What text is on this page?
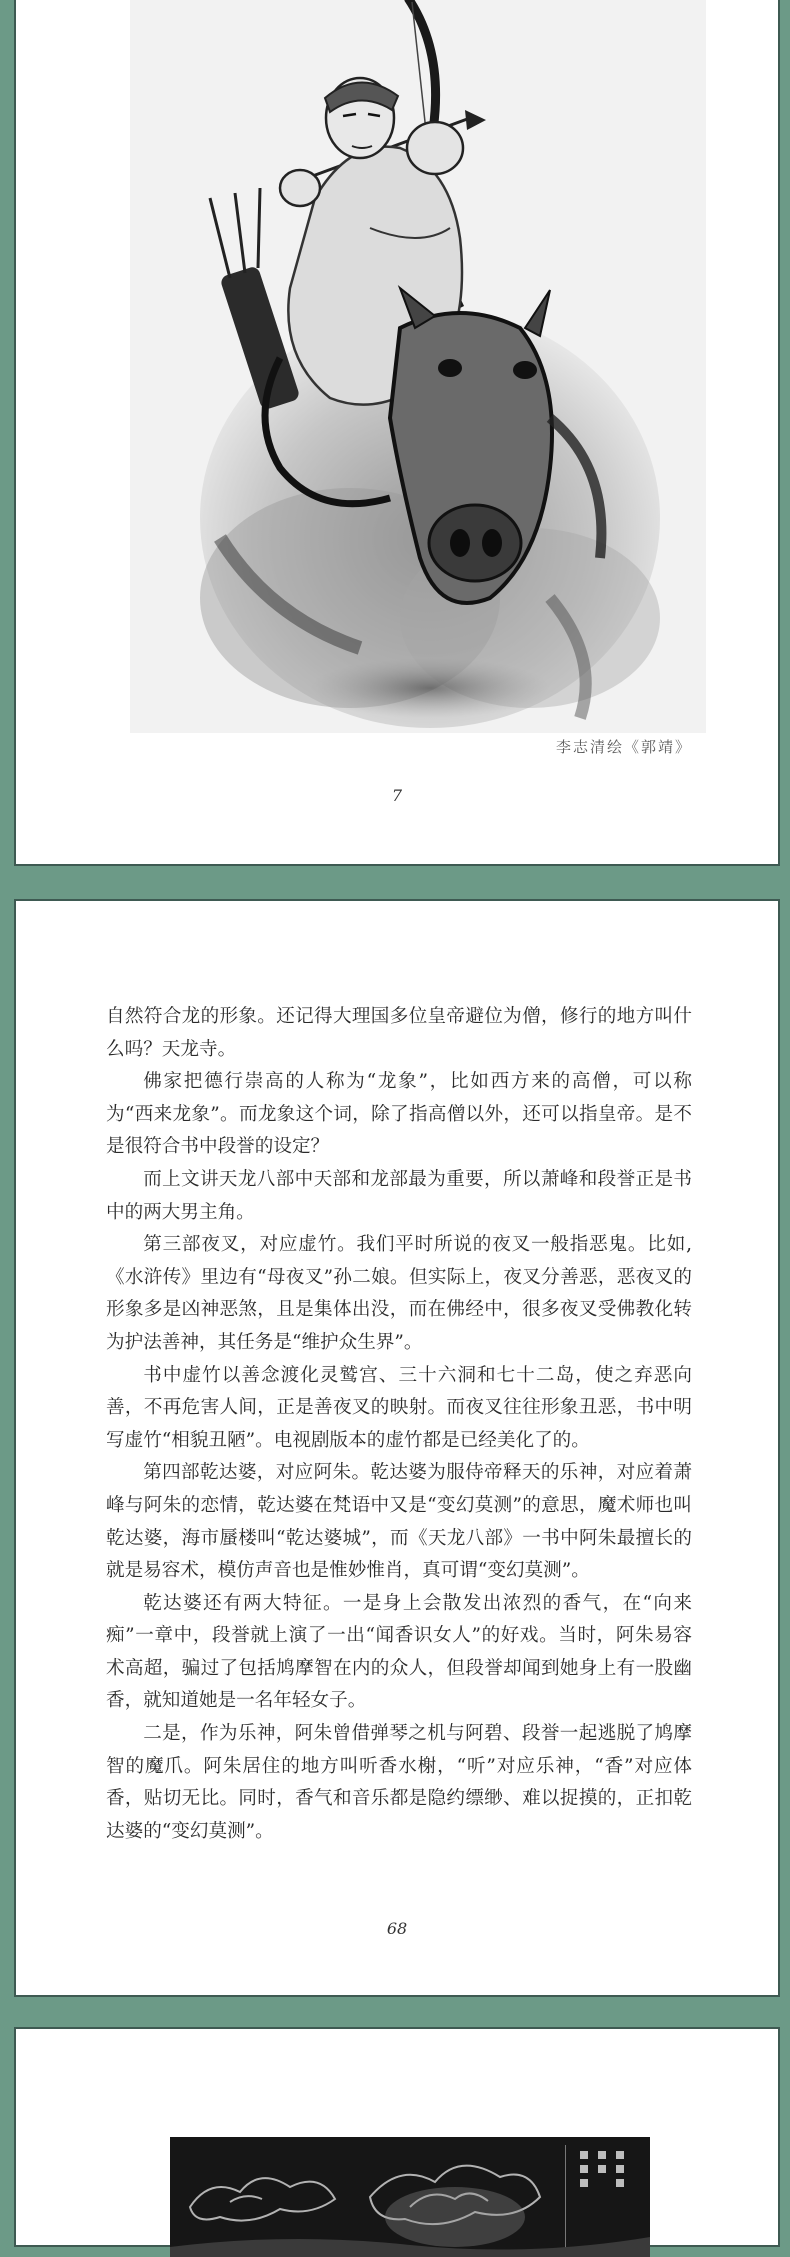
李志清绘《郭靖》
7

自然符合龙的形象。还记得大理国多位皇帝避位为僧，修行的地方叫什么吗？天龙寺。

佛家把德行崇高的人称为“龙象”，比如西方来的高僧，可以称为“西来龙象”。而龙象这个词，除了指高僧以外，还可以指皇帝。是不是很符合书中段誉的设定？

而上文讲天龙八部中天部和龙部最为重要，所以萧峰和段誉正是书中的两大男主角。

第三部夜叉，对应虚竹。我们平时所说的夜叉一般指恶鬼。比如,《水浒传》里边有“母夜叉”孙二娘。但实际上，夜叉分善恶，恶夜叉的形象多是凶神恶煞，且是集体出没，而在佛经中，很多夜叉受佛教化转为护法善神，其任务是“维护众生界”。

书中虚竹以善念渡化灵鹫宫、三十六洞和七十二岛，使之弃恶向善，不再危害人间，正是善夜叉的映射。而夜叉往往形象丑恶，书中明写虚竹“相貌丑陋”。电视剧版本的虚竹都是已经美化了的。

第四部乾达婆，对应阿朱。乾达婆为服侍帝释天的乐神，对应着萧峰与阿朱的恋情，乾达婆在梵语中又是“变幻莫测”的意思，魔术师也叫乾达婆，海市蜃楼叫“乾达婆城”，而《天龙八部》一书中阿朱最擅长的就是易容术，模仿声音也是惟妙惟肖，真可谓“变幻莫测”。

乾达婆还有两大特征。一是身上会散发出浓烈的香气，在“向来痴”一章中，段誉就上演了一出“闻香识女人”的好戏。当时，阿朱易容术高超，骗过了包括鸠摩智在内的众人，但段誉却闻到她身上有一股幽香，就知道她是一名年轻女子。

二是，作为乐神，阿朱曾借弹琴之机与阿碧、段誉一起逃脱了鸠摩智的魔爪。阿朱居住的地方叫听香水榭，“听”对应乐神，“香”对应体香，贴切无比。同时，香气和音乐都是隐约缥缈、难以捉摸的，正扣乾达婆的“变幻莫测”。

68
